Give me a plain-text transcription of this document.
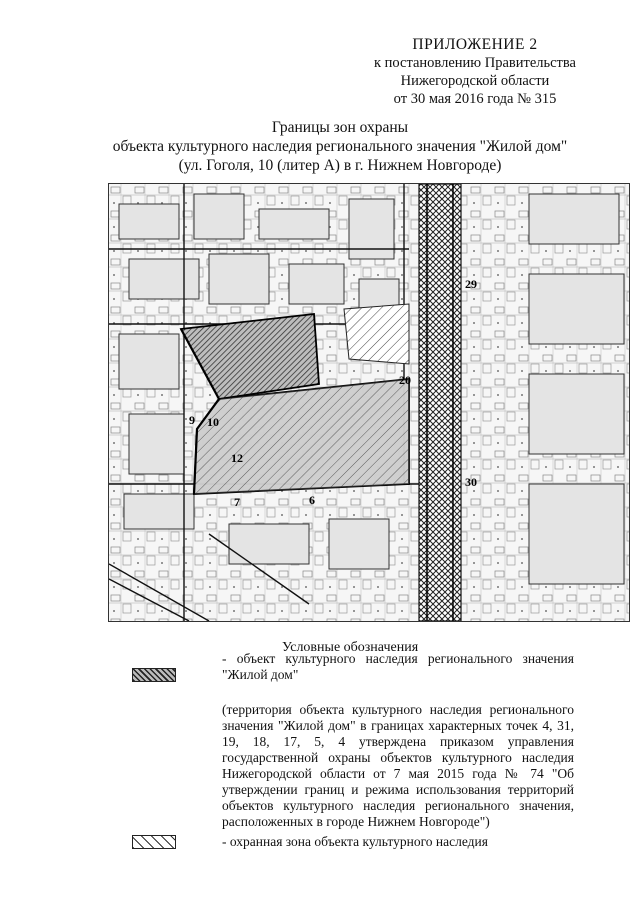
ПРИЛОЖЕНИЕ 2
к постановлению Правительства
Нижегородской области
от 30 мая 2016 года № 315
Границы зон охраны
объекта культурного наследия регионального значения "Жилой дом"
(ул. Гоголя, 10 (литер А) в г. Нижнем Новгороде)
9 10
12
7	6
20
29
30
Условные обозначения
- объект культурного наследия регионального значения "Жилой дом"
(территория объекта культурного наследия регионального значения "Жилой дом" в границах характерных точек 4, 31, 19, 18, 17, 5, 4 утверждена приказом управления государственной охраны объектов культурного наследия Нижегородской области от 7 мая 2015 года № 74 "Об утверждении границ и режима использования территорий объектов культурного наследия регионального значения, расположенных в городе Нижнем Новгороде")
- охранная зона объекта культурного наследия
